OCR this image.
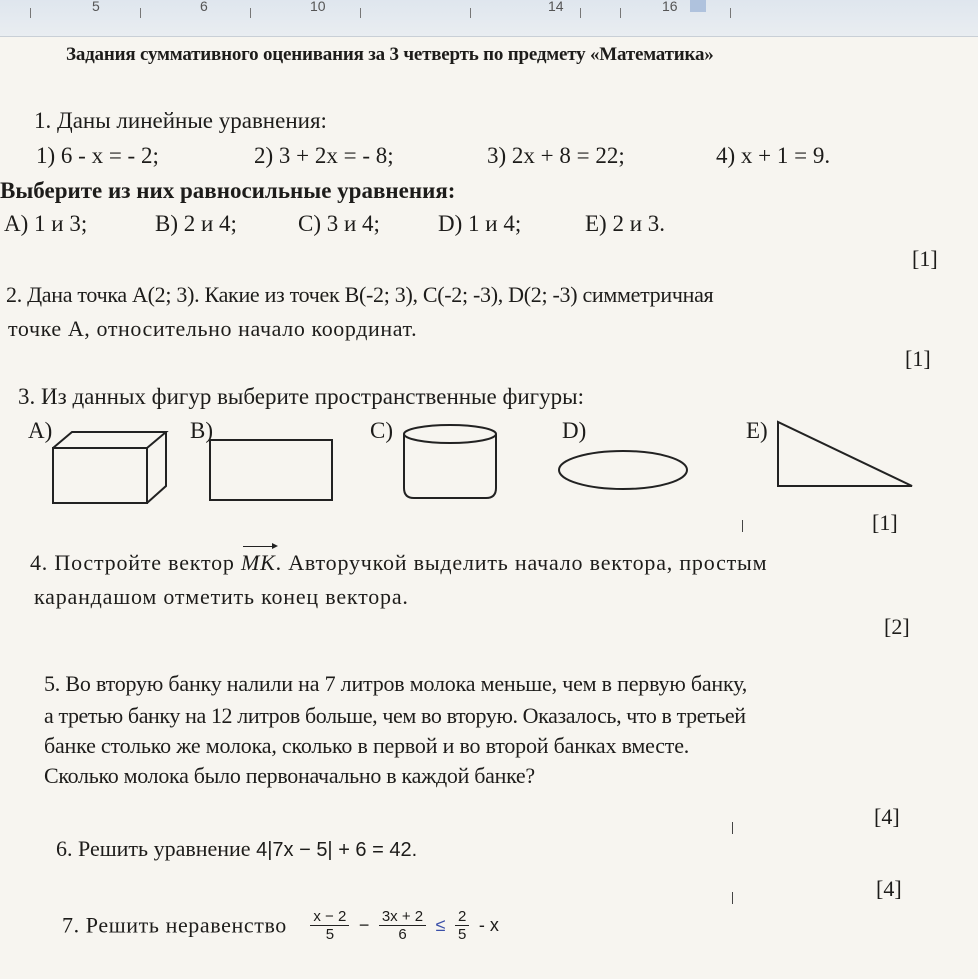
5	6	10	14	16
Задания суммативного оценивания за 3 четверть по предмету «Математика»
1. Даны линейные уравнения:
1) 6 - x = - 2;	2) 3 + 2x = - 8;	3) 2x + 8 = 22;	4) x + 1 = 9.
Выберите из них равносильные уравнения:
A) 1 и 3;	B) 2 и 4;	C) 3 и 4;	D) 1 и 4;	E) 2 и 3.
[1]
2. Дана точка A(2; 3). Какие из точек B(-2; 3), C(-2; -3), D(2; -3) симметричная
точке A, относительно начало координат.
[1]
3. Из данных фигур выберите пространственные фигуры:
A)	B)	C)	D)	E)
[1]
4. Постройте вектор MK. Авторучкой выделить начало вектора, простым
карандашом отметить конец вектора.
[2]
5. Во вторую банку налили на 7 литров молока меньше, чем в первую банку,
а третью банку на 12 литров больше, чем во вторую. Оказалось, что в третьей
банке столько же молока, сколько в первой и во второй банках вместе.
Сколько молока было первоначально в каждой банке?
[4]
6. Решить уравнение 4|7x − 5| + 6 = 42.
[4]
7. Решить неравенство $\frac{x - 2}{5} - \frac{3x + 2}{6} \le \frac{2}{5} - x$
